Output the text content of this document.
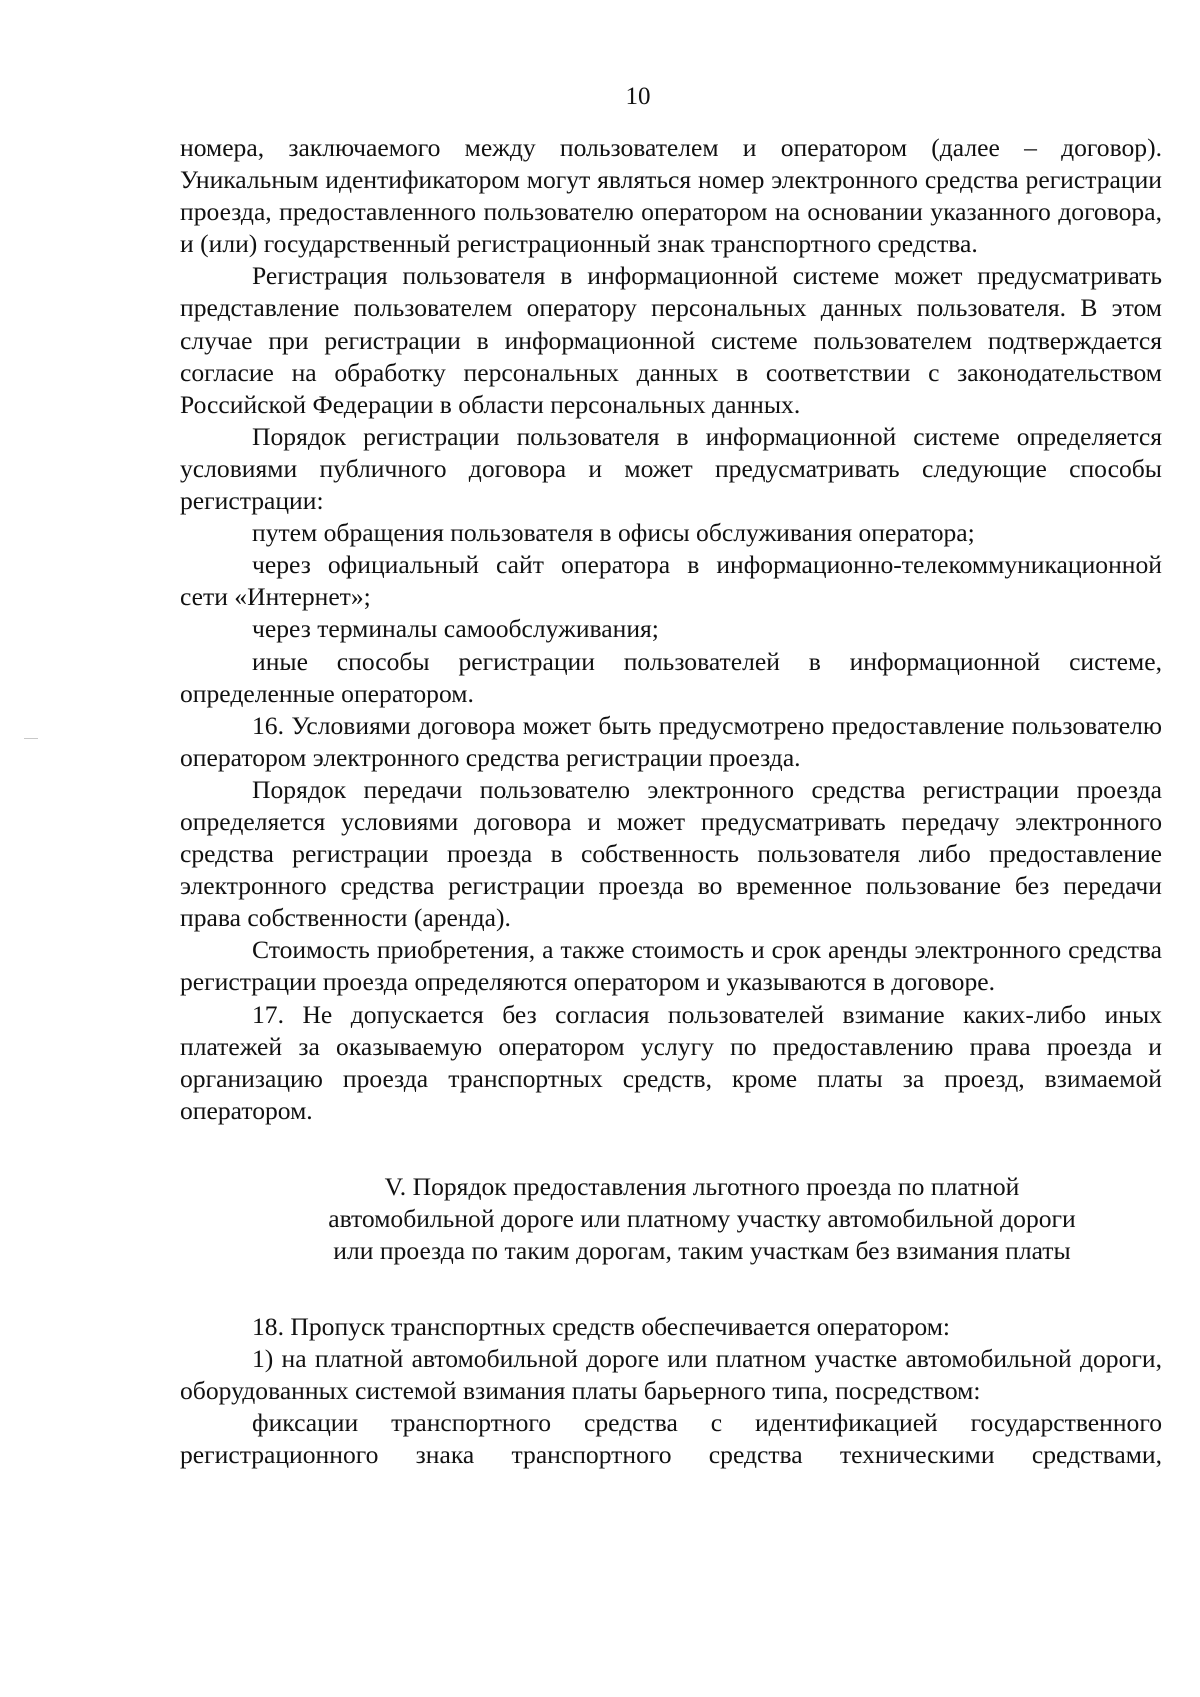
10

номера, заключаемого между пользователем и оператором (далее – договор). Уникальным идентификатором могут являться номер электронного средства регистрации проезда, предоставленного пользователю оператором на основании указанного договора, и (или) государственный регистрационный знак транспортного средства.

Регистрация пользователя в информационной системе может предусматривать представление пользователем оператору персональных данных пользователя. В этом случае при регистрации в информационной системе пользователем подтверждается согласие на обработку персональных данных в соответствии с законодательством Российской Федерации в области персональных данных.

Порядок регистрации пользователя в информационной системе определяется условиями публичного договора и может предусматривать следующие способы регистрации:

путем обращения пользователя в офисы обслуживания оператора;

через официальный сайт оператора в информационно-телекоммуникационной сети «Интернет»;

через терминалы самообслуживания;

иные способы регистрации пользователей в информационной системе, определенные оператором.

16. Условиями договора может быть предусмотрено предоставление пользователю оператором электронного средства регистрации проезда.

Порядок передачи пользователю электронного средства регистрации проезда определяется условиями договора и может предусматривать передачу электронного средства регистрации проезда в собственность пользователя либо предоставление электронного средства регистрации проезда во временное пользование без передачи права собственности (аренда).

Стоимость приобретения, а также стоимость и срок аренды электронного средства регистрации проезда определяются оператором и указываются в договоре.

17. Не допускается без согласия пользователей взимание каких-либо иных платежей за оказываемую оператором услугу по предоставлению права проезда и организацию проезда транспортных средств, кроме платы за проезд, взимаемой оператором.

V. Порядок предоставления льготного проезда по платной
автомобильной дороге или платному участку автомобильной дороги
или проезда по таким дорогам, таким участкам без взимания платы

18. Пропуск транспортных средств обеспечивается оператором:

1) на платной автомобильной дороге или платном участке автомобильной дороги, оборудованных системой взимания платы барьерного типа, посредством:

фиксации транспортного средства с идентификацией государственного регистрационного знака транспортного средства техническими средствами,
